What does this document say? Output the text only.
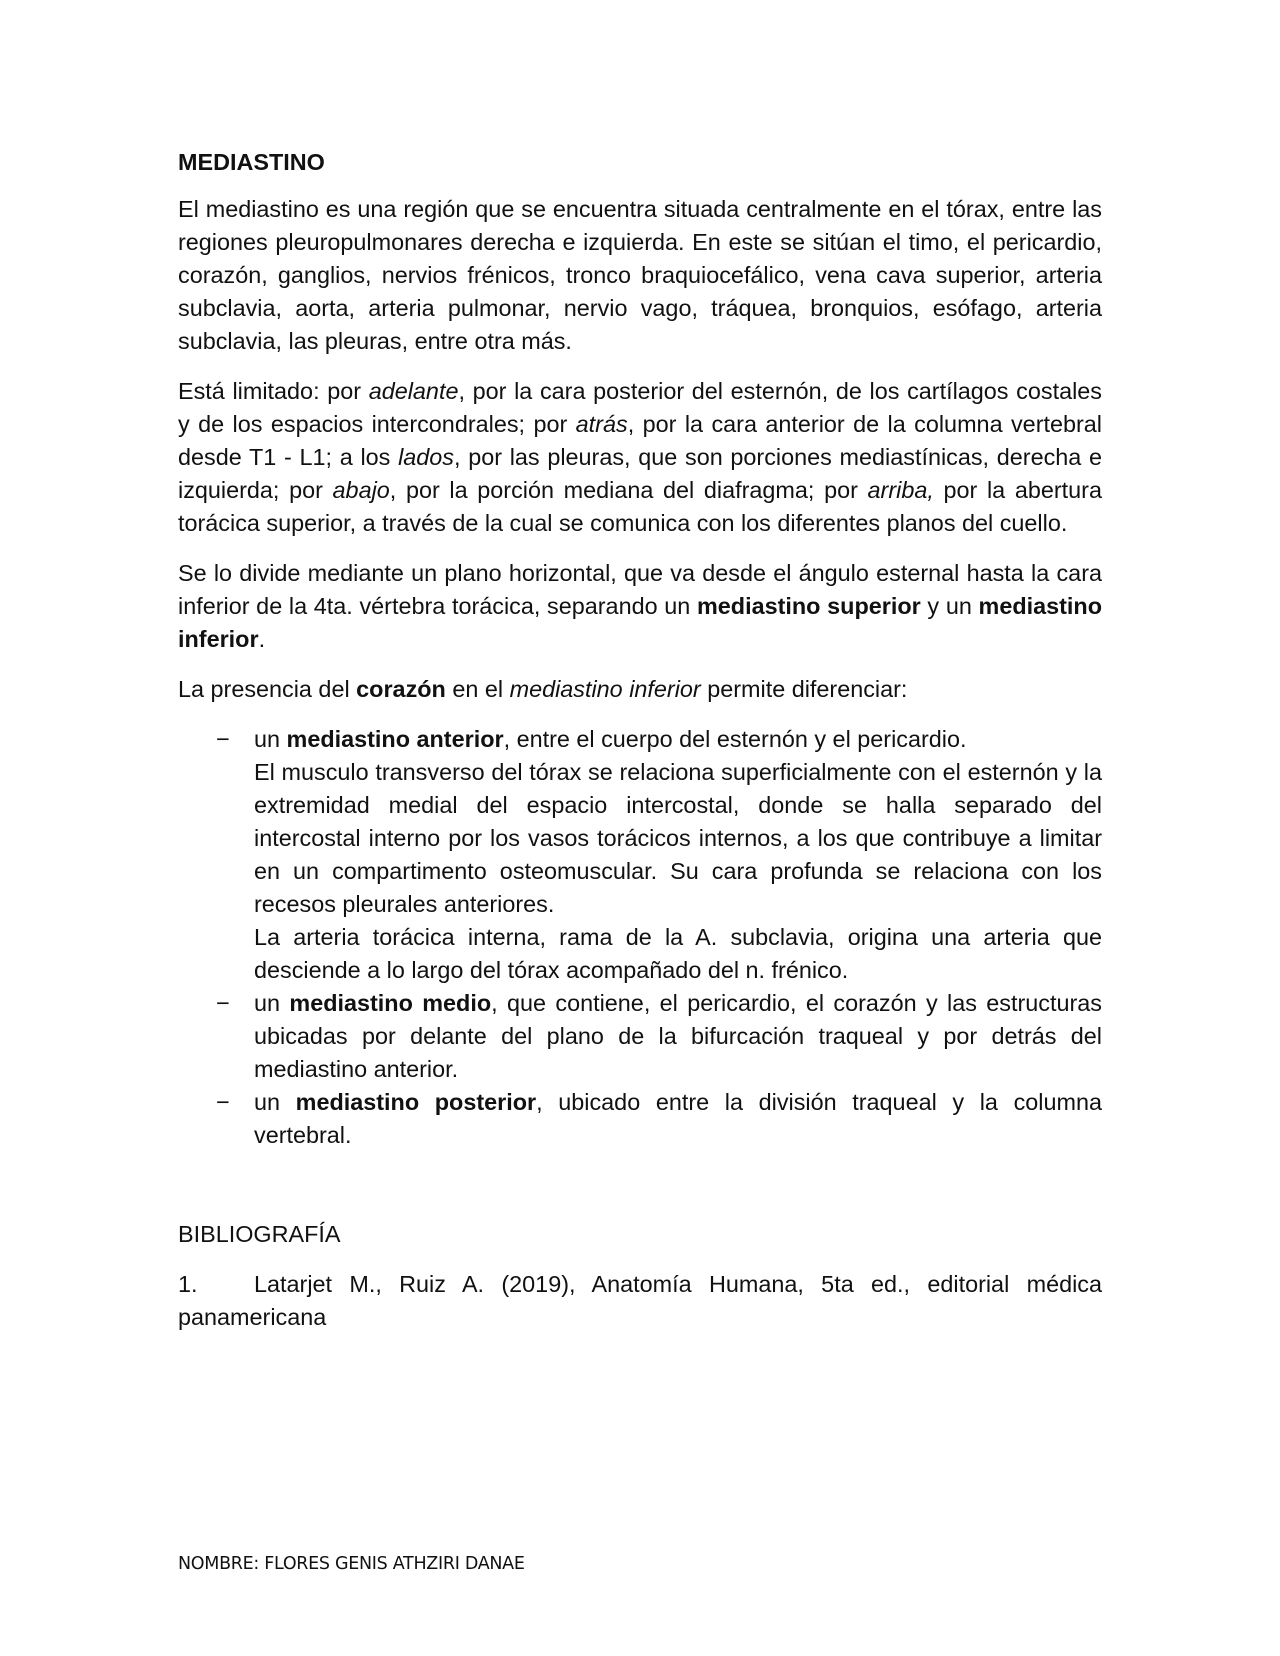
MEDIASTINO

El mediastino es una región que se encuentra situada centralmente en el tórax, entre las regiones pleuropulmonares derecha e izquierda. En este se sitúan el timo, el pericardio, corazón, ganglios, nervios frénicos, tronco braquiocefálico, vena cava superior, arteria subclavia, aorta, arteria pulmonar, nervio vago, tráquea, bronquios, esófago, arteria subclavia, las pleuras, entre otra más.

Está limitado: por adelante, por la cara posterior del esternón, de los cartílagos costales y de los espacios intercondrales; por atrás, por la cara anterior de la columna vertebral desde T1 - L1; a los lados, por las pleuras, que son porciones mediastínicas, derecha e izquierda; por abajo, por la porción mediana del diafragma; por arriba, por la abertura torácica superior, a través de la cual se comunica con los diferentes planos del cuello.

Se lo divide mediante un plano horizontal, que va desde el ángulo esternal hasta la cara inferior de la 4ta. vértebra torácica, separando un mediastino superior y un mediastino inferior.

La presencia del corazón en el mediastino inferior permite diferenciar:

− un mediastino anterior, entre el cuerpo del esternón y el pericardio.
El musculo transverso del tórax se relaciona superficialmente con el esternón y la extremidad medial del espacio intercostal, donde se halla separado del intercostal interno por los vasos torácicos internos, a los que contribuye a limitar en un compartimento osteomuscular. Su cara profunda se relaciona con los recesos pleurales anteriores.
La arteria torácica interna, rama de la A. subclavia, origina una arteria que desciende a lo largo del tórax acompañado del n. frénico.
− un mediastino medio, que contiene, el pericardio, el corazón y las estructuras ubicadas por delante del plano de la bifurcación traqueal y por detrás del mediastino anterior.
− un mediastino posterior, ubicado entre la división traqueal y la columna vertebral.
BIBLIOGRAFÍA

1. Latarjet M., Ruiz A. (2019), Anatomía Humana, 5ta ed., editorial médica panamericana

NOMBRE: FLORES GENIS ATHZIRI DANAE
